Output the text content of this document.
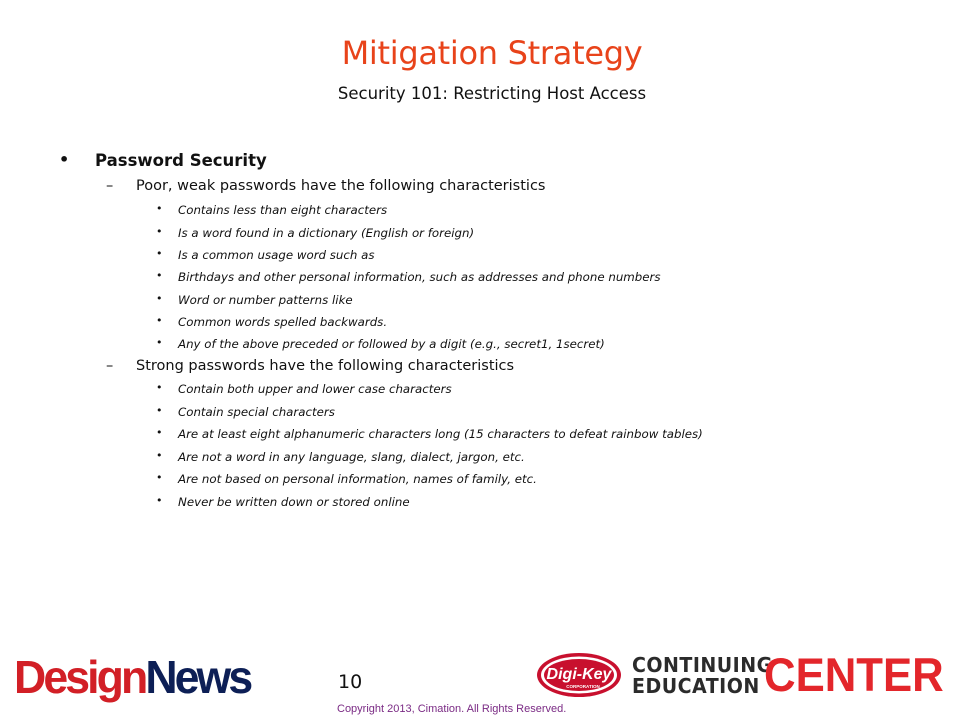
Mitigation Strategy
Security 101: Restricting Host Access
• Password Security
– Poor, weak passwords have the following characteristics
• Contains less than eight characters
• Is a word found in a dictionary (English or foreign)
• Is a common usage word such as
• Birthdays and other personal information, such as addresses and phone numbers
• Word or number patterns like
• Common words spelled backwards.
• Any of the above preceded or followed by a digit (e.g., secret1, 1secret)
– Strong passwords have the following characteristics
• Contain both upper and lower case characters
• Contain special characters
• Are at least eight alphanumeric characters long (15 characters to defeat rainbow tables)
• Are not a word in any language, slang, dialect, jargon, etc.
• Are not based on personal information, names of family, etc.
• Never be written down or stored online
DesignNews	10	Digi-Key
CORPORATION
CONTINUING
EDUCATION CENTER
Copyright 2013, Cimation. All Rights Reserved.
